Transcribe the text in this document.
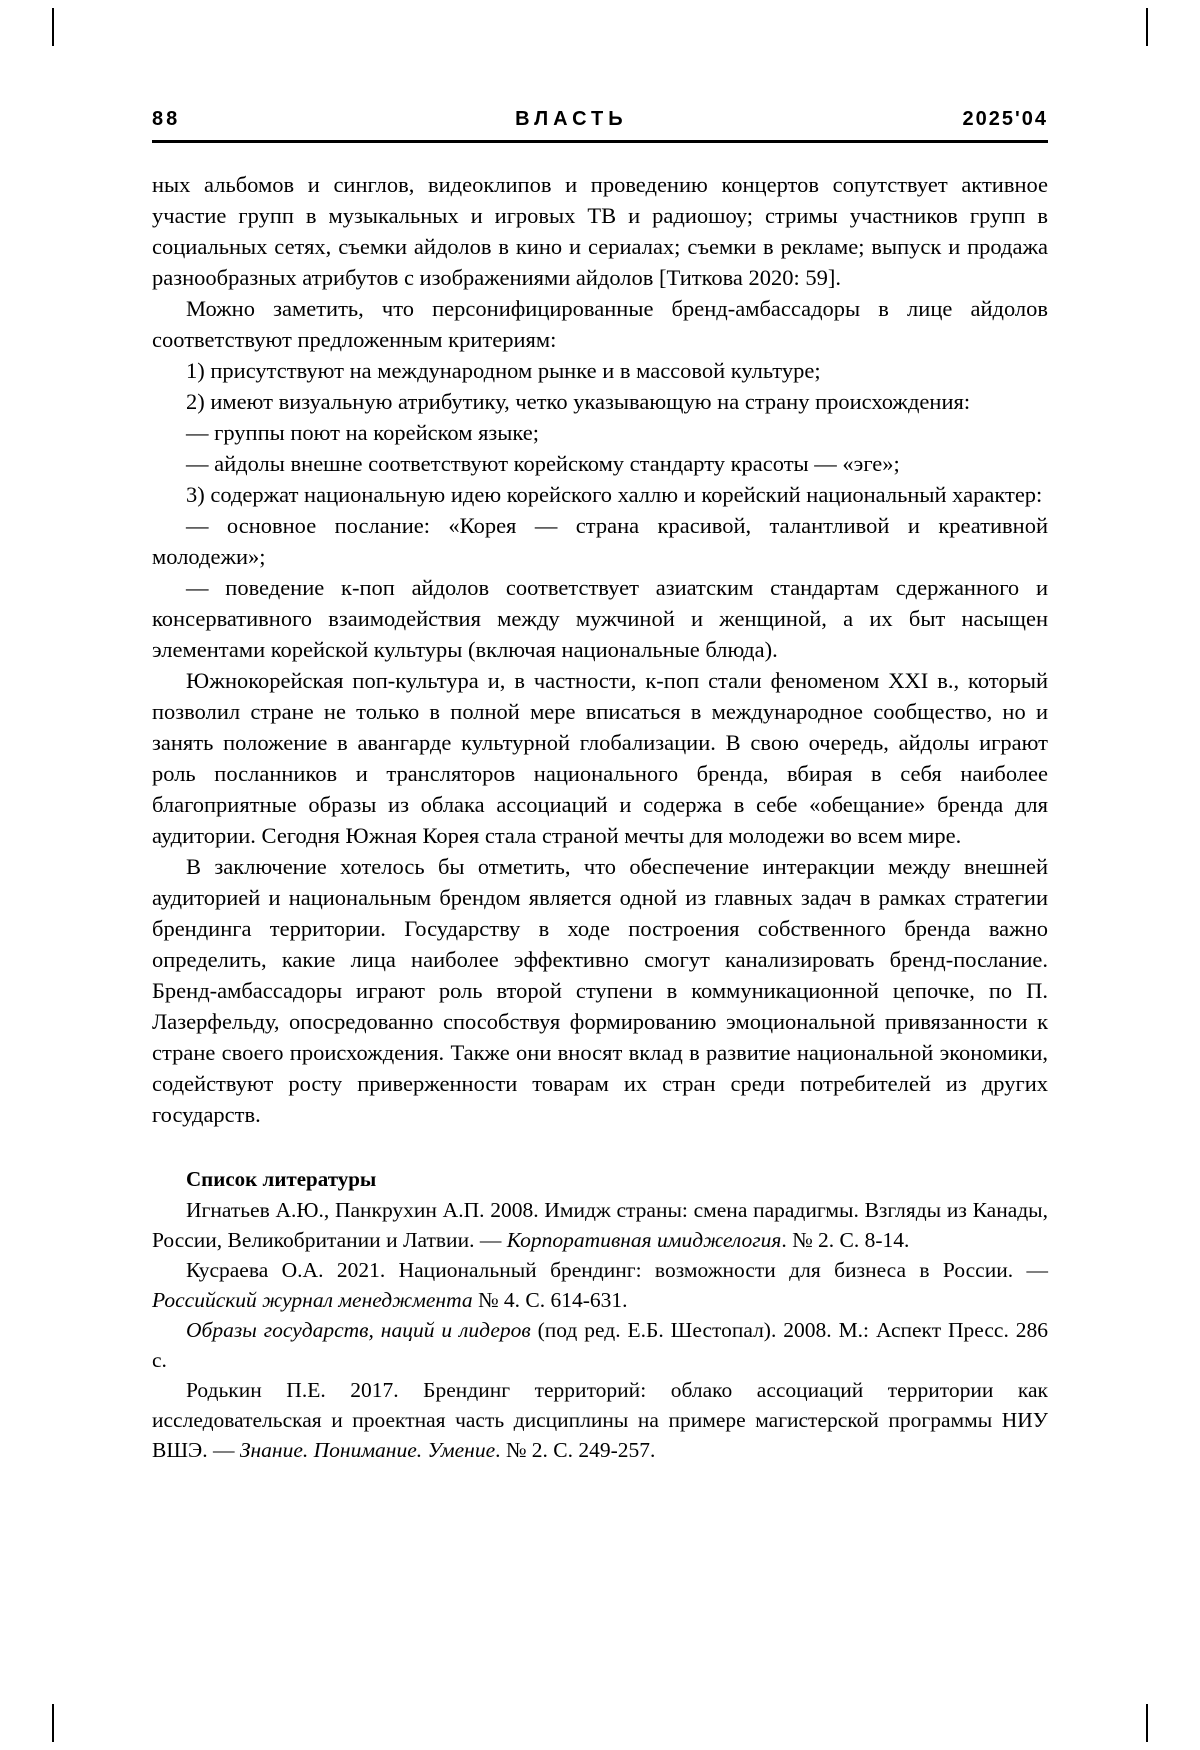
88	ВЛАСТЬ	2025'04

ных альбомов и синглов, видеоклипов и проведению концертов сопутствует активное участие групп в музыкальных и игровых ТВ и радиошоу; стримы участников групп в социальных сетях, съемки айдолов в кино и сериалах; съемки в рекламе; выпуск и продажа разнообразных атрибутов с изображениями айдолов [Титкова 2020: 59].

Можно заметить, что персонифицированные бренд-амбассадоры в лице айдолов соответствуют предложенным критериям:

1) присутствуют на международном рынке и в массовой культуре;

2) имеют визуальную атрибутику, четко указывающую на страну происхождения:

— группы поют на корейском языке;

— айдолы внешне соответствуют корейскому стандарту красоты — «эге»;

3) содержат национальную идею корейского халлю и корейский национальный характер:

— основное послание: «Корея — страна красивой, талантливой и креативной молодежи»;

— поведение к-поп айдолов соответствует азиатским стандартам сдержанного и консервативного взаимодействия между мужчиной и женщиной, а их быт насыщен элементами корейской культуры (включая национальные блюда).

Южнокорейская поп-культура и, в частности, к-поп стали феноменом XXI в., который позволил стране не только в полной мере вписаться в международное сообщество, но и занять положение в авангарде культурной глобализации. В свою очередь, айдолы играют роль посланников и трансляторов национального бренда, вбирая в себя наиболее благоприятные образы из облака ассоциаций и содержа в себе «обещание» бренда для аудитории. Сегодня Южная Корея стала страной мечты для молодежи во всем мире.

В заключение хотелось бы отметить, что обеспечение интеракции между внешней аудиторией и национальным брендом является одной из главных задач в рамках стратегии брендинга территории. Государству в ходе построения собственного бренда важно определить, какие лица наиболее эффективно смогут канализировать бренд-послание. Бренд-амбассадоры играют роль второй ступени в коммуникационной цепочке, по П. Лазерфельду, опосредованно способствуя формированию эмоциональной привязанности к стране своего происхождения. Также они вносят вклад в развитие национальной экономики, содействуют росту приверженности товарам их стран среди потребителей из других государств.

Список литературы

Игнатьев А.Ю., Панкрухин А.П. 2008. Имидж страны: смена парадигмы. Взгляды из Канады, России, Великобритании и Латвии. — Корпоративная имиджелогия. № 2. С. 8-14.

Кусраева О.А. 2021. Национальный брендинг: возможности для бизнеса в России. — Российский журнал менеджмента № 4. С. 614-631.

Образы государств, наций и лидеров (под ред. Е.Б. Шестопал). 2008. М.: Аспект Пресс. 286 с.

Родькин П.Е. 2017. Брендинг территорий: облако ассоциаций территории как исследовательская и проектная часть дисциплины на примере магистерской программы НИУ ВШЭ. — Знание. Понимание. Умение. № 2. С. 249-257.
